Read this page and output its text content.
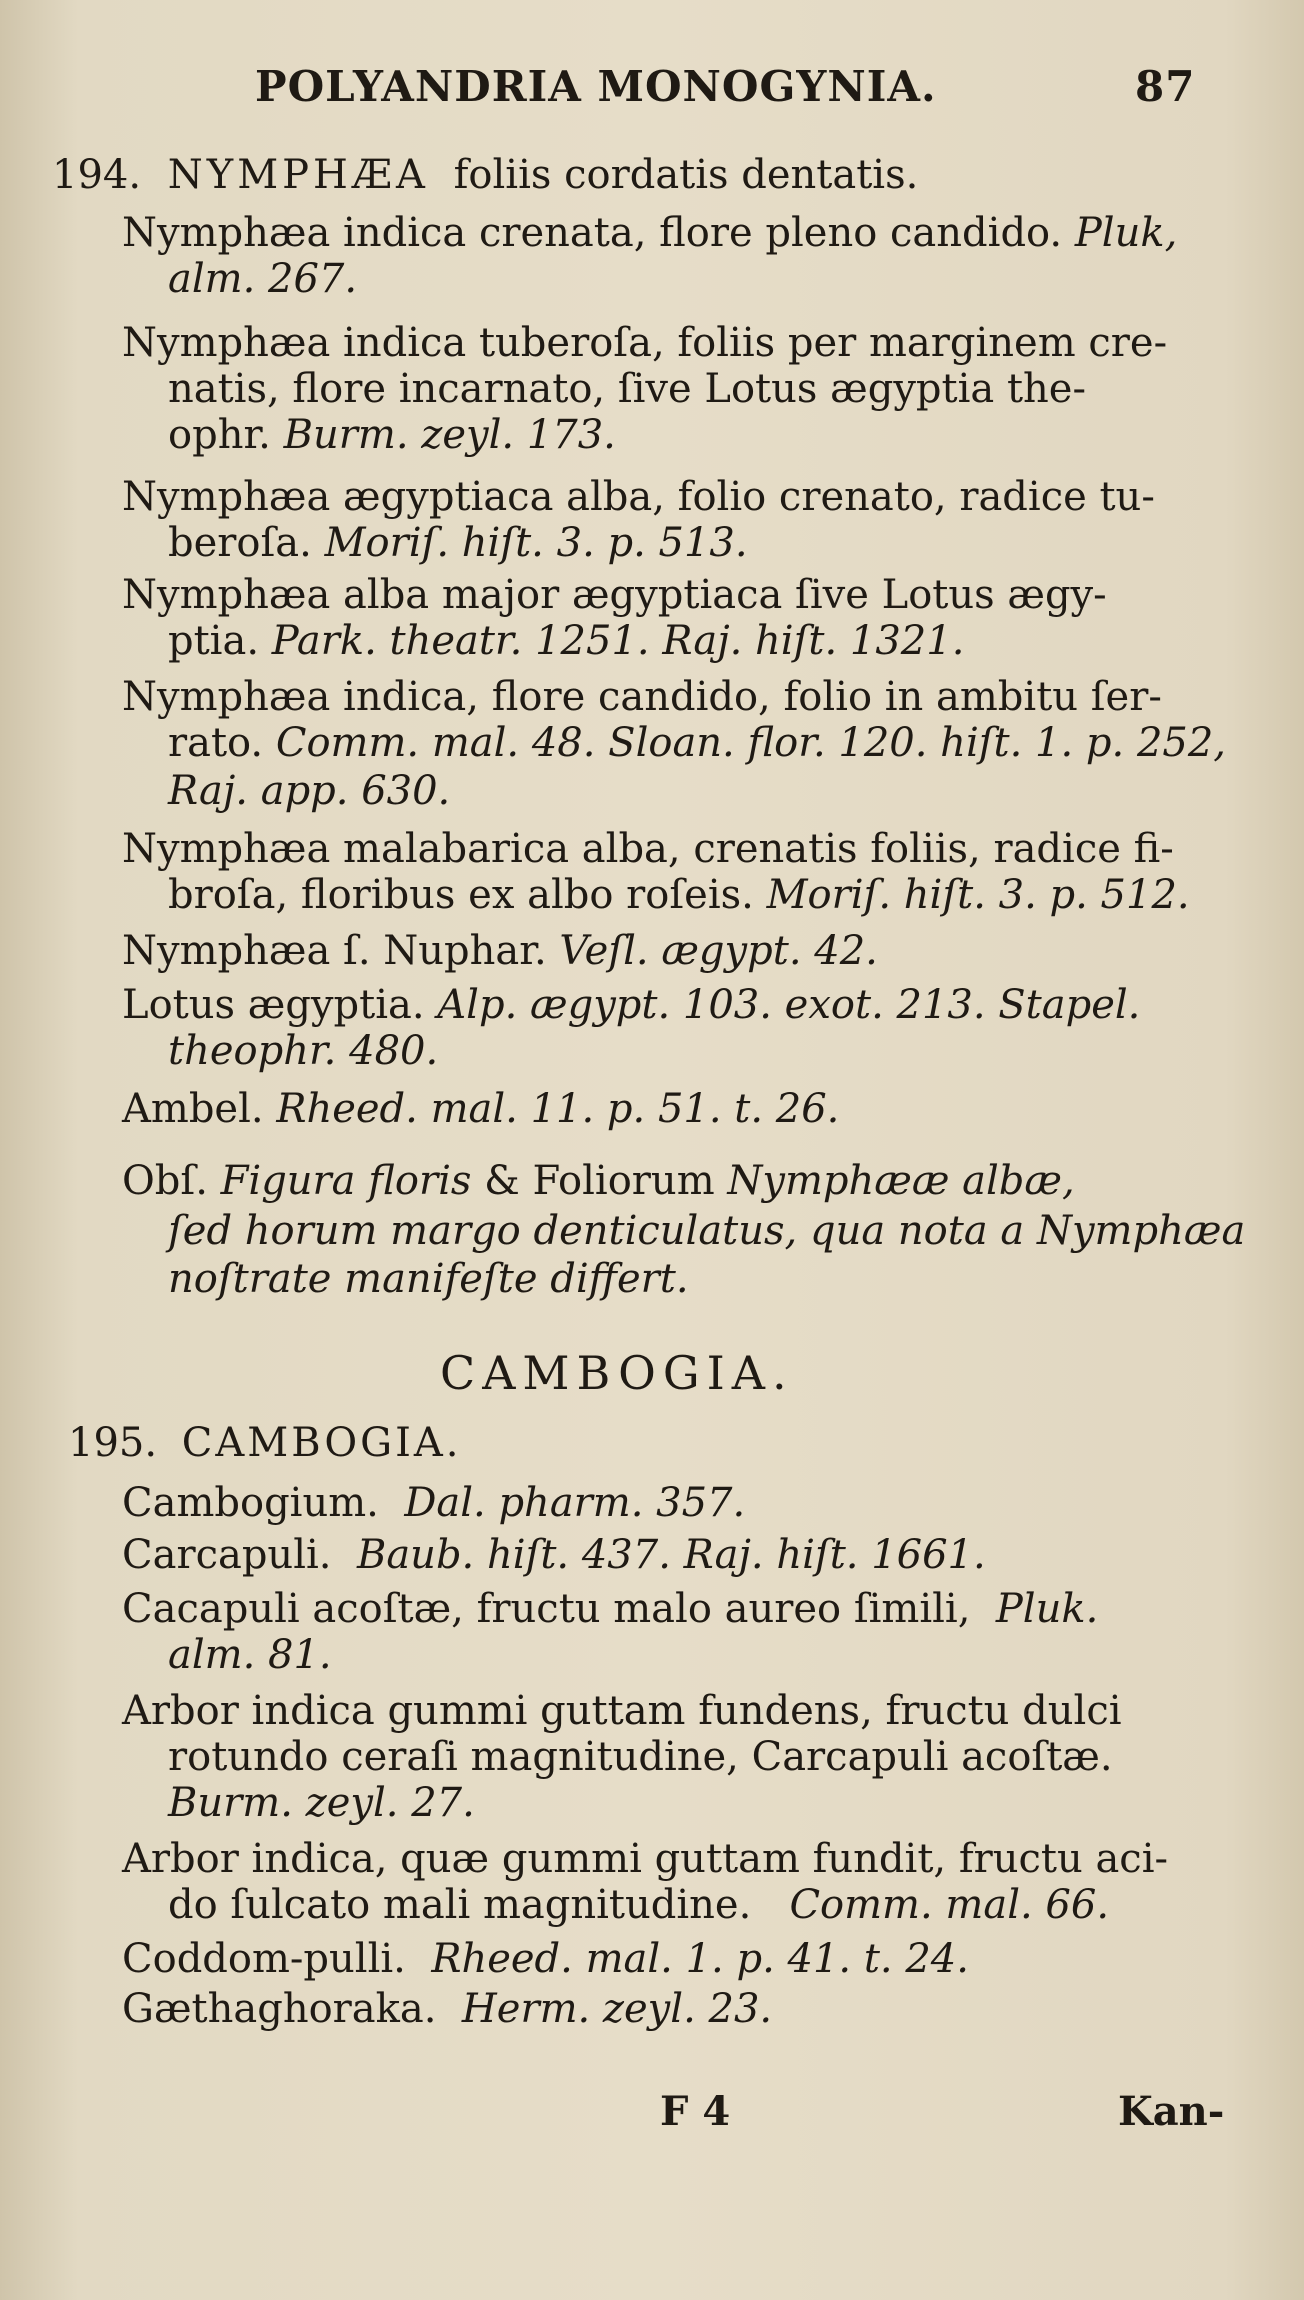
POLYANDRIA MONOGYNIA.	87
194. NYMPHÆA foliis cordatis dentatis.
Nymphæa indica crenata, flore pleno candido. Pluk,
alm. 267.
Nymphæa indica tuberoſa, foliis per marginem cre-
natis, flore incarnato, ſive Lotus ægyptia the-
ophr. Burm. zeyl. 173.
Nymphæa ægyptiaca alba, folio crenato, radice tu-
beroſa. Moriſ. hiſt. 3. p. 513.
Nymphæa alba major ægyptiaca ſive Lotus ægy-
ptia. Park. theatr. 1251. Raj. hiſt. 1321.
Nymphæa indica, flore candido, folio in ambitu ſer-
rato. Comm. mal. 48. Sloan. flor. 120. hiſt. 1. p. 252,
Raj. app. 630.
Nymphæa malabarica alba, crenatis foliis, radice fi-
broſa, floribus ex albo roſeis. Moriſ. hiſt. 3. p. 512.
Nymphæa ſ. Nuphar. Veſl. ægypt. 42.
Lotus ægyptia. Alp. ægypt. 103. exot. 213. Stapel.
theophr. 480.
Ambel. Rheed. mal. 11. p. 51. t. 26.
Obſ. Figura floris & Foliorum Nymphææ albæ,
ſed horum margo denticulatus, qua nota a Nymphæa
noſtrate manifeſte differt.
CAMBOGIA.
195. CAMBOGIA.
Cambogium. Dal. pharm. 357.
Carcapuli. Baub. hiſt. 437. Raj. hiſt. 1661.
Cacapuli acoſtæ, fructu malo aureo ſimili,  Pluk.
alm. 81.
Arbor indica gummi guttam fundens, fructu dulci
rotundo ceraſi magnitudine, Carcapuli acoſtæ.
Burm. zeyl. 27.
Arbor indica, quæ gummi guttam fundit, fructu aci-
do ſulcato mali magnitudine.   Comm. mal. 66.
Coddom-pulli. Rheed. mal. 1. p. 41. t. 24.
Gæthaghoraka. Herm. zeyl. 23.
F 4	Kan-
